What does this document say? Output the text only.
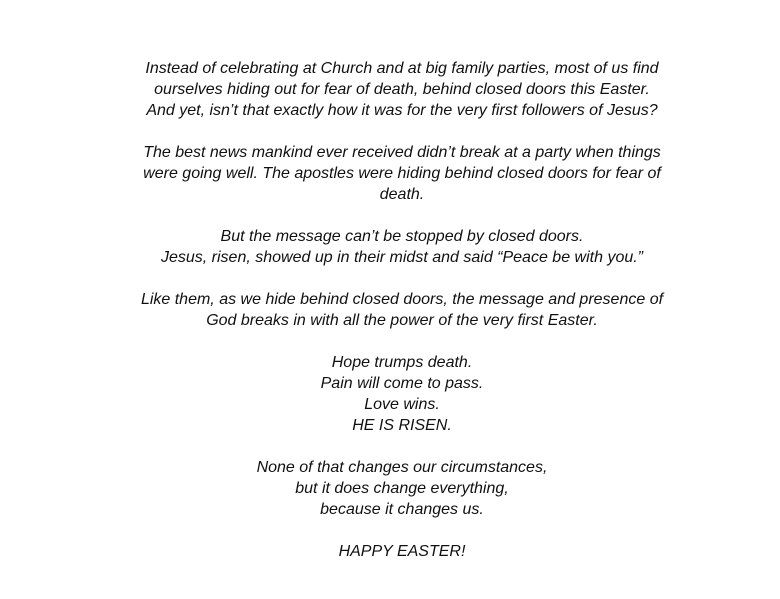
Instead of celebrating at Church and at big family parties, most of us find
ourselves hiding out for fear of death, behind closed doors this Easter.
And yet, isn’t that exactly how it was for the very first followers of Jesus?

The best news mankind ever received didn’t break at a party when things
were going well. The apostles were hiding behind closed doors for fear of
death.

But the message can’t be stopped by closed doors.
Jesus, risen, showed up in their midst and said “Peace be with you.”

Like them, as we hide behind closed doors, the message and presence of
God breaks in with all the power of the very first Easter.

Hope trumps death.
Pain will come to pass.
Love wins.
HE IS RISEN.

None of that changes our circumstances,
but it does change everything,
because it changes us.

HAPPY EASTER!
